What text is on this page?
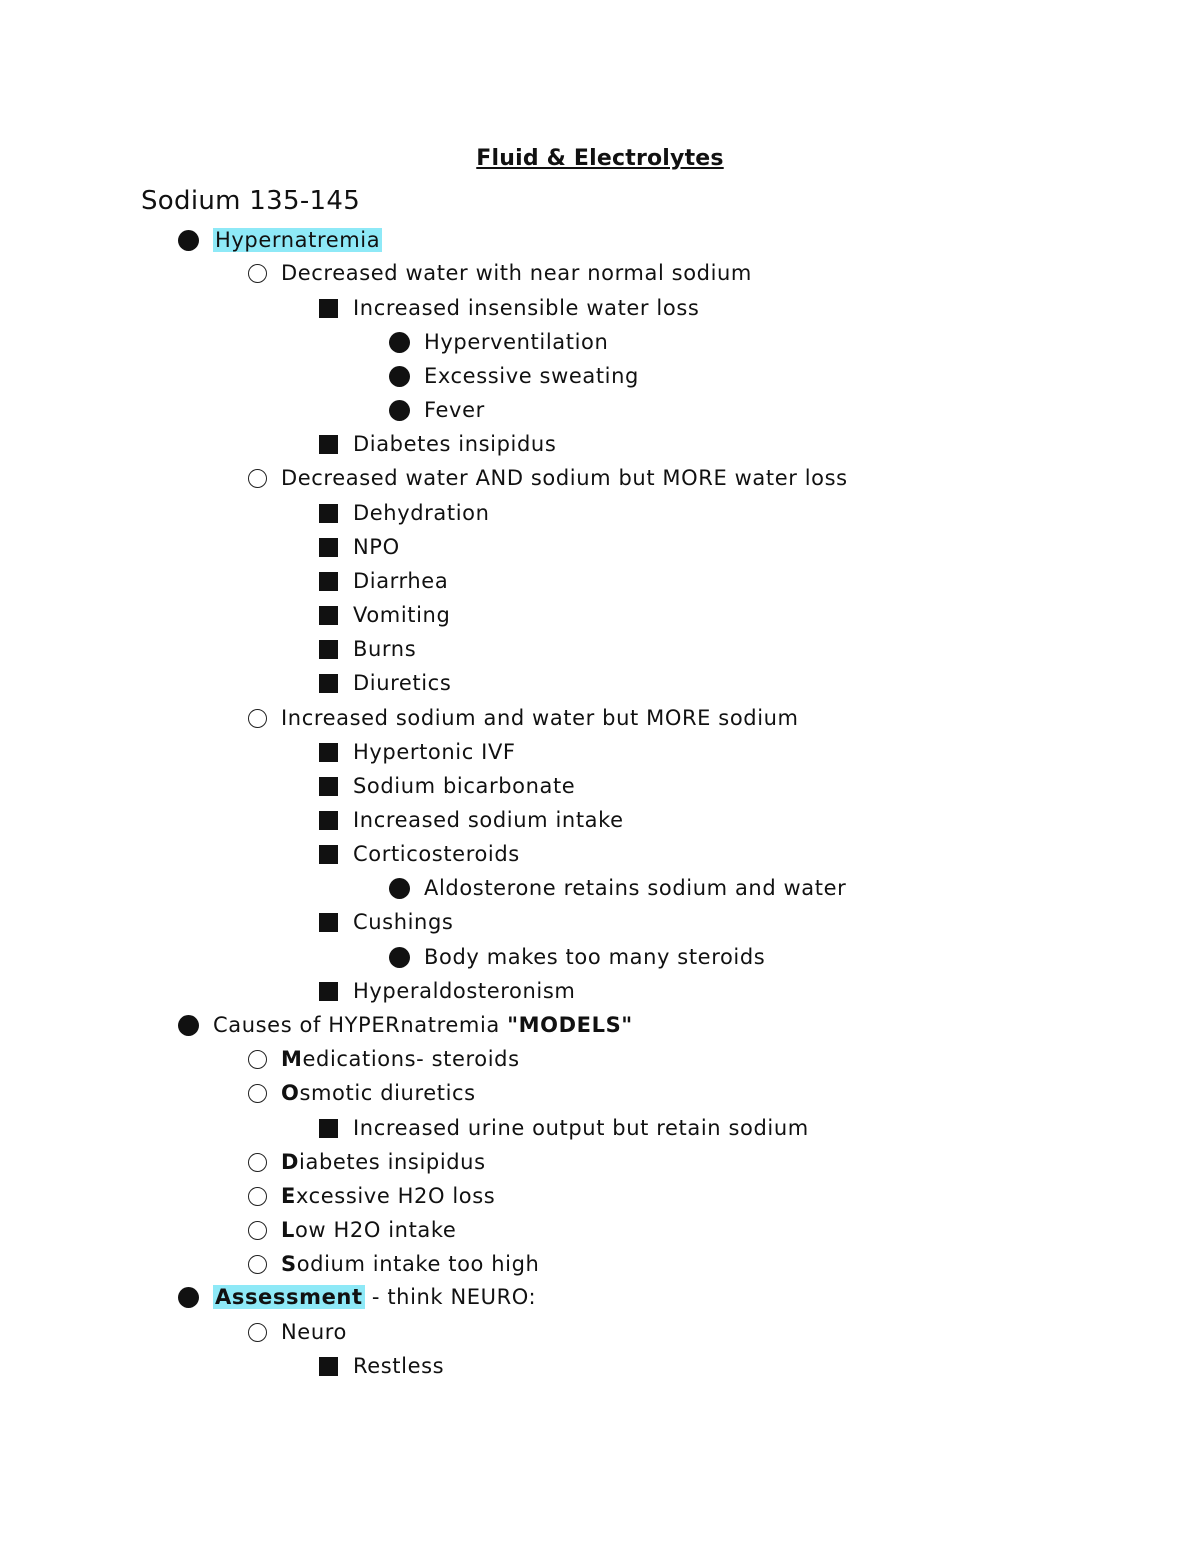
Fluid & Electrolytes
Sodium 135-145
Hypernatremia
Decreased water with near normal sodium
Increased insensible water loss
Hyperventilation
Excessive sweating
Fever
Diabetes insipidus
Decreased water AND sodium but MORE water loss
Dehydration
NPO
Diarrhea
Vomiting
Burns
Diuretics
Increased sodium and water but MORE sodium
Hypertonic IVF
Sodium bicarbonate
Increased sodium intake
Corticosteroids
Aldosterone retains sodium and water
Cushings
Body makes too many steroids
Hyperaldosteronism
Causes of HYPERnatremia "MODELS"
Medications- steroids
Osmotic diuretics
Increased urine output but retain sodium
Diabetes insipidus
Excessive H2O loss
Low H2O intake
Sodium intake too high
Assessment - think NEURO:
Neuro
Restless
